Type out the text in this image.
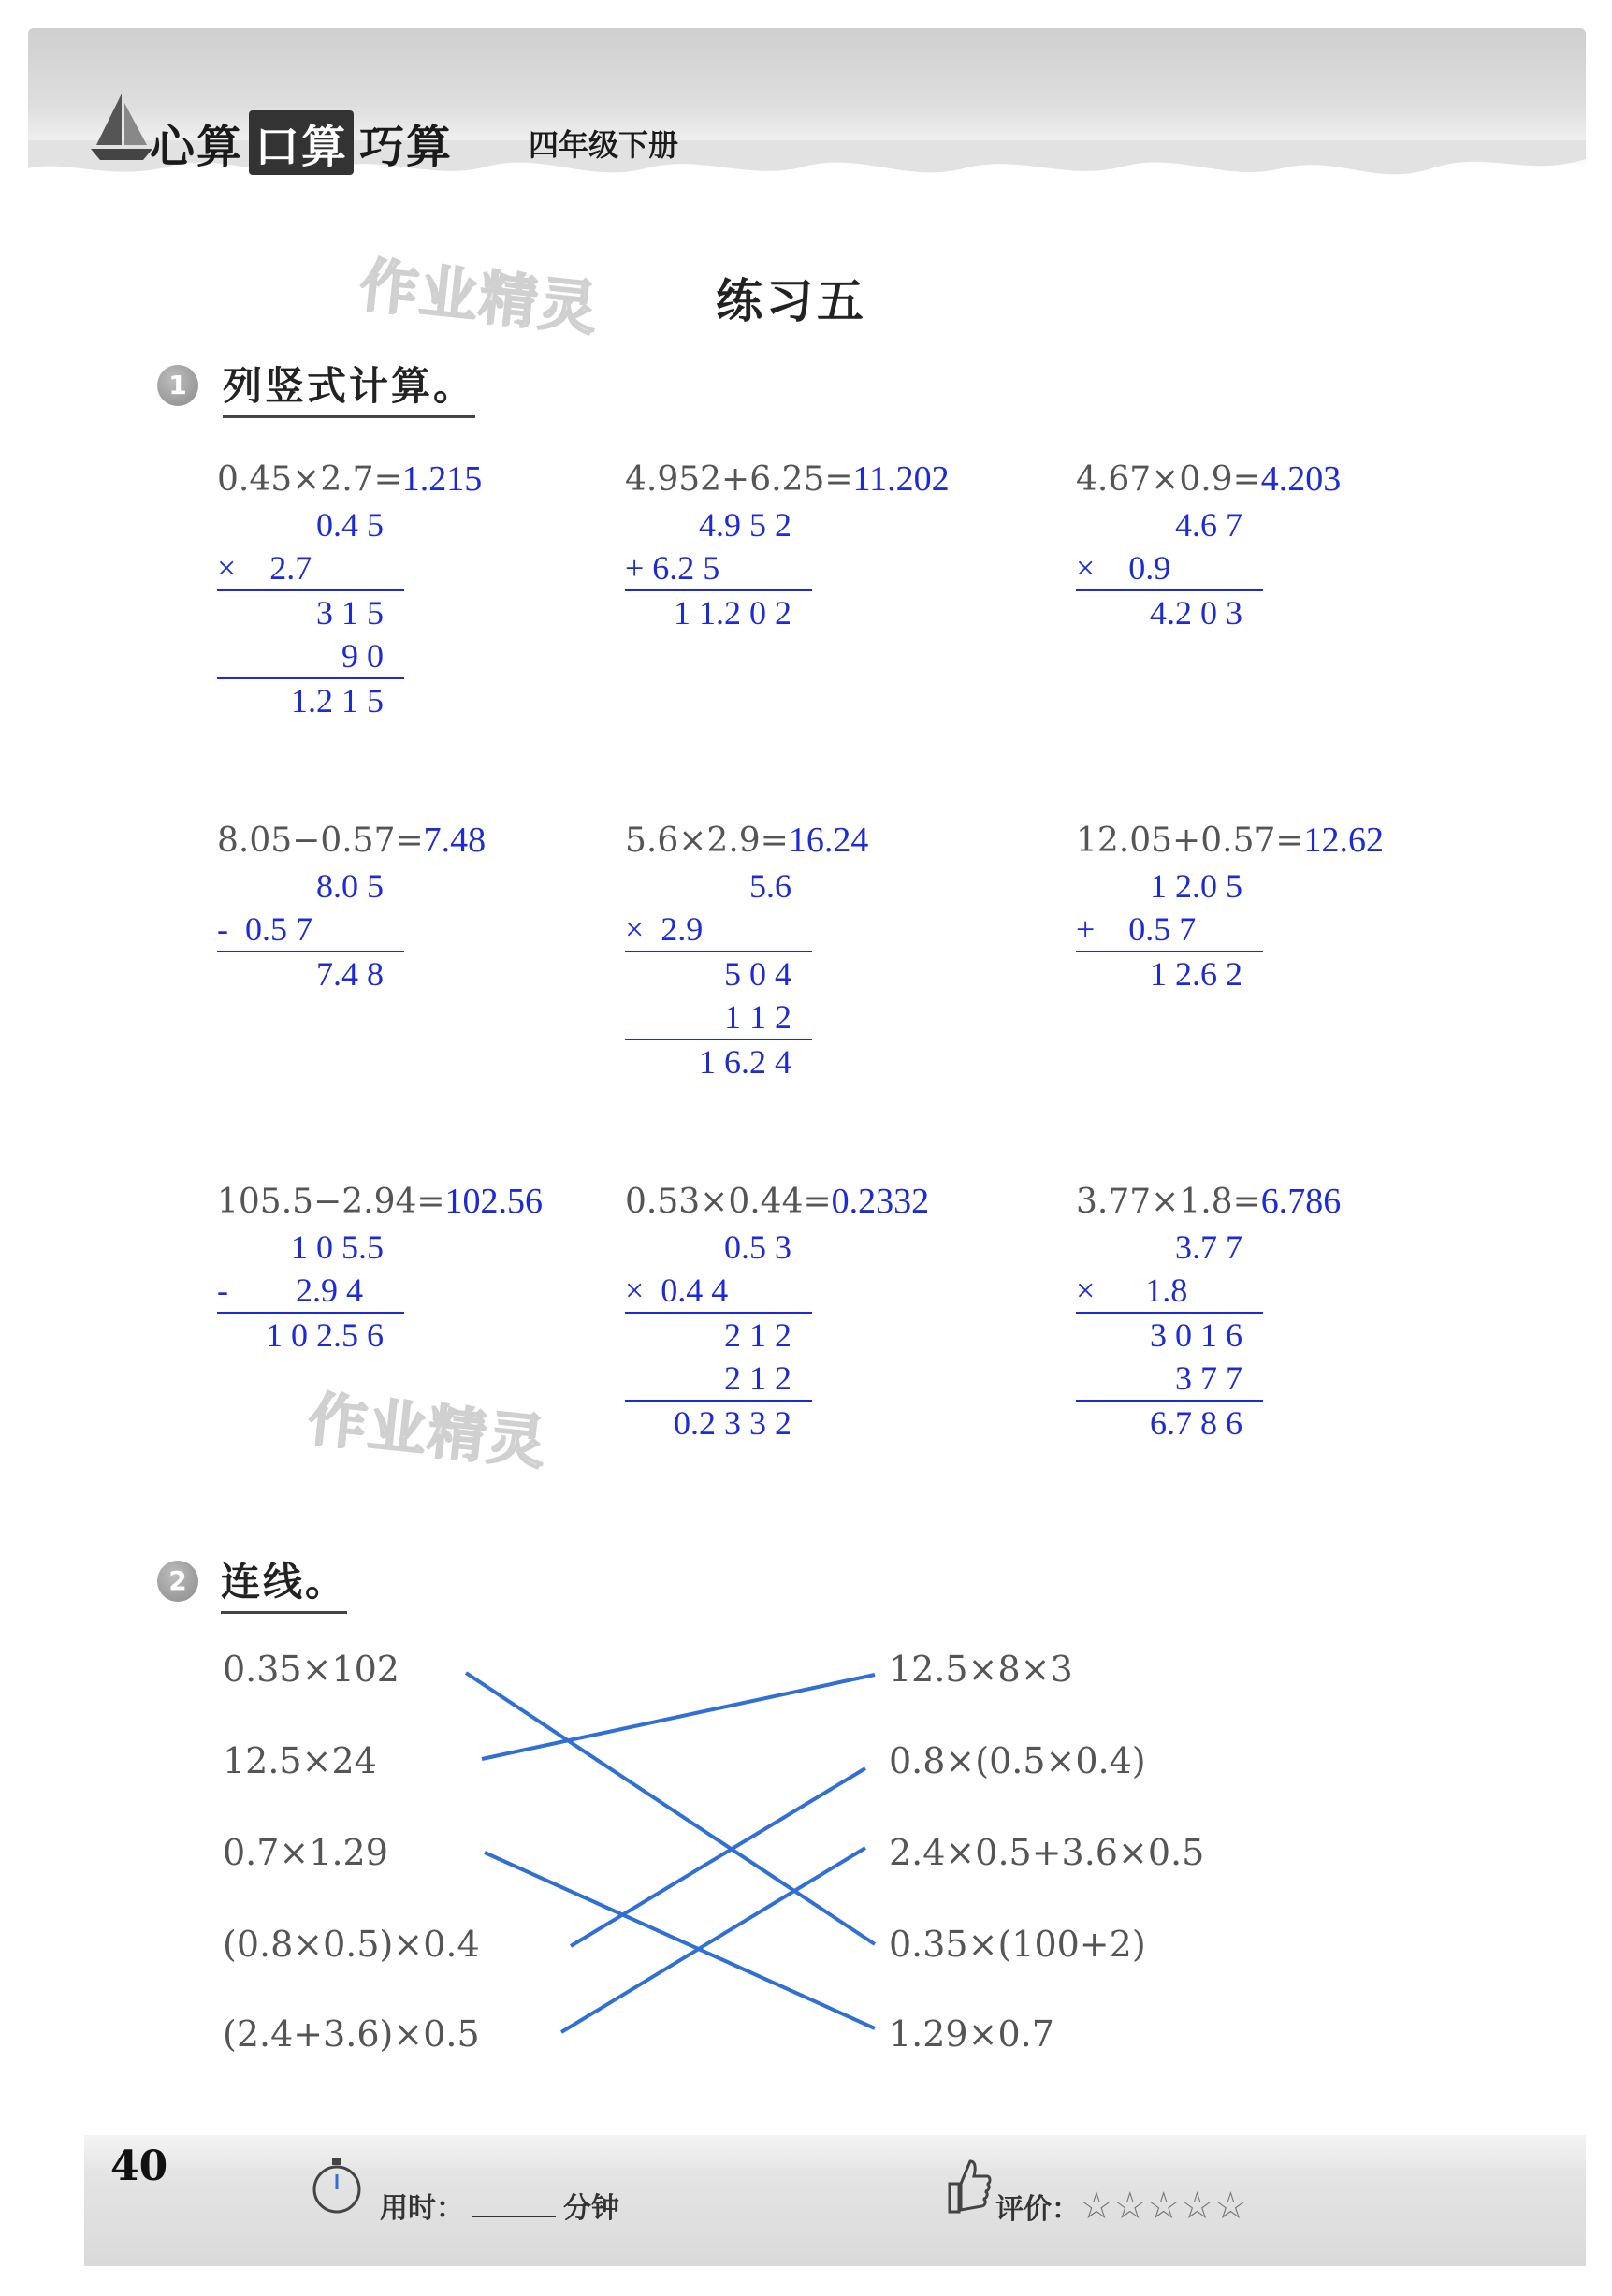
心算 口算 巧算	四年级下册
作业精灵
作业精灵
练习五
1 列竖式计算。
0.45×2.7=1.215
0.4 5
×    2.7
3 1 5
9 0
1.2 1 5
4.952+6.25=11.202
4.9 5 2
+ 6.2 5
1 1.2 0 2
4.67×0.9=4.203
4.6 7
×    0.9
4.2 0 3
8.05−0.57=7.48
8.0 5
-  0.5 7
7.4 8
5.6×2.9=16.24
5.6
×  2.9
5 0 4
1 1 2
1 6.2 4
12.05+0.57=12.62
1 2.0 5
+    0.5 7
1 2.6 2
105.5−2.94=102.56
1 0 5.5
-        2.9 4
1 0 2.5 6
0.53×0.44=0.2332
0.5 3
×  0.4 4
2 1 2
2 1 2
0.2 3 3 2
3.77×1.8=6.786
3.7 7
×      1.8
3 0 1 6
3 7 7
6.7 8 6
2 连线。
0.35×102
12.5×24
0.7×1.29
(0.8×0.5)×0.4
(2.4+3.6)×0.5
12.5×8×3
0.8×(0.5×0.4)
2.4×0.5+3.6×0.5
0.35×(100+2)
1.29×0.7
40
用时：	分钟	评价：☆☆☆☆☆
